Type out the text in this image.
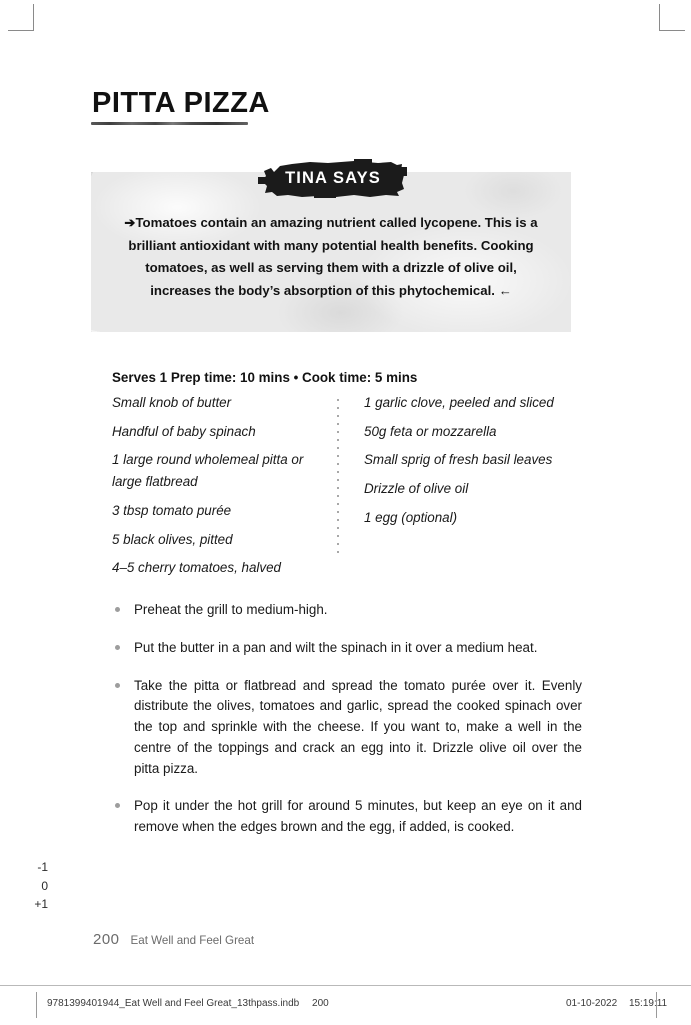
PITTA PIZZA
➔Tomatoes contain an amazing nutrient called lycopene. This is a brilliant antioxidant with many potential health benefits. Cooking tomatoes, as well as serving them with a drizzle of olive oil, increases the body’s absorption of this phytochemical. ←
TINA SAYS
Serves 1 Prep time: 10 mins • Cook time: 5 mins
Small knob of butter
Handful of baby spinach
1 large round wholemeal pitta or large flatbread
3 tbsp tomato purée
5 black olives, pitted
4–5 cherry tomatoes, halved
1 garlic clove, peeled and sliced
50g feta or mozzarella
Small sprig of fresh basil leaves
Drizzle of olive oil
1 egg (optional)
Preheat the grill to medium-high.
Put the butter in a pan and wilt the spinach in it over a medium heat.
Take the pitta or flatbread and spread the tomato purée over it. Evenly distribute the olives, tomatoes and garlic, spread the cooked spinach over the top and sprinkle with the cheese. If you want to, make a well in the centre of the toppings and crack an egg into it. Drizzle olive oil over the pitta pizza.
Pop it under the hot grill for around 5 minutes, but keep an eye on it and remove when the edges brown and the egg, if added, is cooked.
-1
0
+1
200 Eat Well and Feel Great
9781399401944_Eat Well and Feel Great_13thpass.indb 200	01-10-2022 15:19:11
